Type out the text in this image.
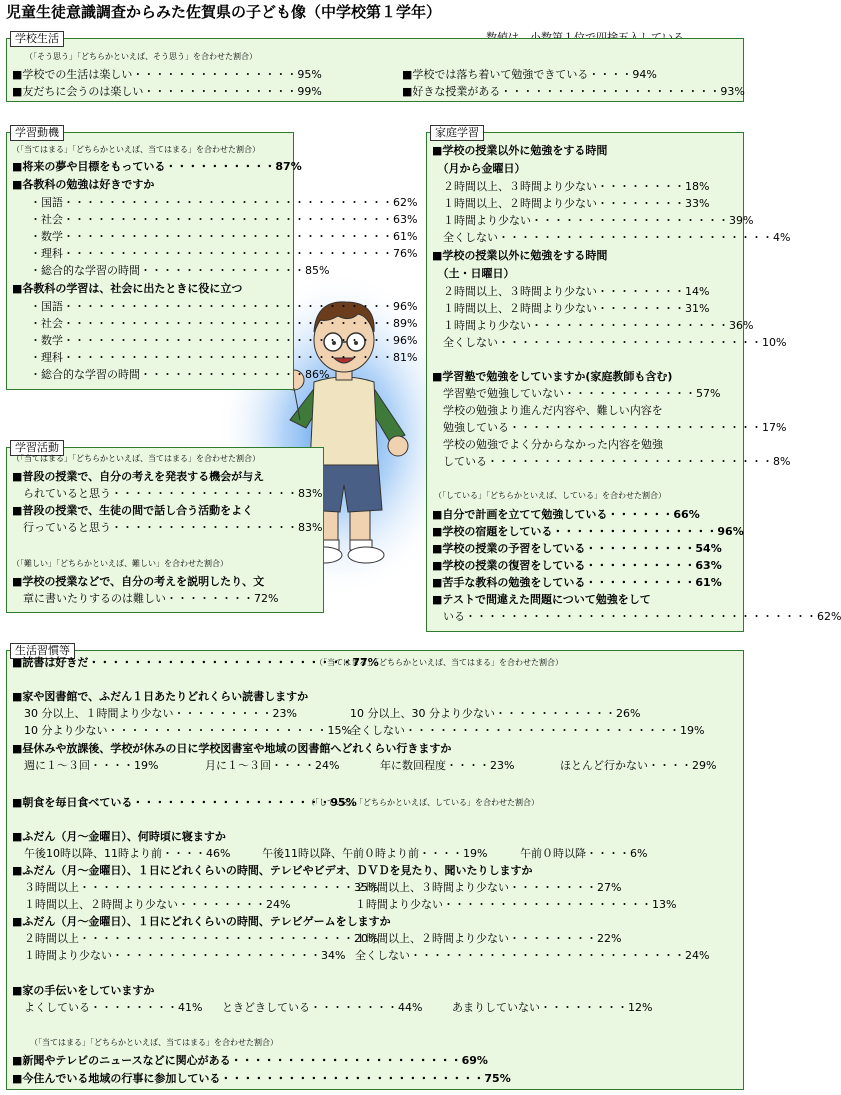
児童生徒意識調査からみた佐賀県の子ども像（中学校第１学年）
学校生活
（「そう思う」「どちらかといえば、そう思う」を合わせた割合）
■学校での生活は楽しい・・・・・・・・・・・・・・・95%
■友だちに会うのは楽しい・・・・・・・・・・・・・・99%
■学校では落ち着いて勉強できている・・・・94%
■好きな授業がある・・・・・・・・・・・・・・・・・・・・93%
学習動機
（「当てはまる」「どちらかといえば、当てはまる」を合わせた割合）
■将来の夢や目標をもっている・・・・・・・・・・87%
■各教科の勉強は好きですか
・国語・・・・・・・・・・・・・・・・・・・・・・・・・・・・・・62%
・社会・・・・・・・・・・・・・・・・・・・・・・・・・・・・・・63%
・数学・・・・・・・・・・・・・・・・・・・・・・・・・・・・・・61%
・理科・・・・・・・・・・・・・・・・・・・・・・・・・・・・・・76%
・総合的な学習の時間・・・・・・・・・・・・・・・85%
■各教科の学習は、社会に出たときに役に立つ
・国語・・・・・・・・・・・・・・・・・・・・・・・・・・・・・・96%
・社会・・・・・・・・・・・・・・・・・・・・・・・・・・・・・・89%
・数学・・・・・・・・・・・・・・・・・・・・・・・・・・・・・・96%
・理科・・・・・・・・・・・・・・・・・・・・・・・・・・・・・・81%
・総合的な学習の時間・・・・・・・・・・・・・・・86%
学習活動
（「当てはまる」「どちらかといえば、当てはまる」を合わせた割合）
■普段の授業で、自分の考えを発表する機会が与え
　られていると思う・・・・・・・・・・・・・・・・・83%
■普段の授業で、生徒の間で話し合う活動をよく
　行っていると思う・・・・・・・・・・・・・・・・・83%
（「難しい」「どちらかといえば、難しい」を合わせた割合）
■学校の授業などで、自分の考えを説明したり、文
　章に書いたりするのは難しい・・・・・・・・72%
家庭学習
■学校の授業以外に勉強をする時間
　（月から金曜日）
　２時間以上、３時間より少ない・・・・・・・・18%
　１時間以上、２時間より少ない・・・・・・・・33%
　１時間より少ない・・・・・・・・・・・・・・・・・・39%
　全くしない・・・・・・・・・・・・・・・・・・・・・・・・・4%
■学校の授業以外に勉強をする時間
　（土・日曜日）
　２時間以上、３時間より少ない・・・・・・・・14%
　１時間以上、２時間より少ない・・・・・・・・31%
　１時間より少ない・・・・・・・・・・・・・・・・・・36%
　全くしない・・・・・・・・・・・・・・・・・・・・・・・・10%
■学習塾で勉強をしていますか(家庭教師も含む)
　学習塾で勉強していない・・・・・・・・・・・・57%
　学校の勉強より進んだ内容や、難しい内容を
　勉強している・・・・・・・・・・・・・・・・・・・・・・・17%
　学校の勉強でよく分からなかった内容を勉強
　している・・・・・・・・・・・・・・・・・・・・・・・・・・8%
（「している」「どちらかといえば、している」を合わせた割合）
■自分で計画を立てて勉強している・・・・・・66%
■学校の宿題をしている・・・・・・・・・・・・・・・96%
■学校の授業の予習をしている・・・・・・・・・・54%
■学校の授業の復習をしている・・・・・・・・・・63%
■苦手な教科の勉強をしている・・・・・・・・・・61%
■テストで間違えた問題について勉強をして
　いる・・・・・・・・・・・・・・・・・・・・・・・・・・・・・・・・62%
生活習慣等
■読書は好きだ・・・・・・・・・・・・・・・・・・・・・・・・77%
（「当てはまる」「どちらかといえば、当てはまる」を合わせた割合）
■家や図書館で、ふだん１日あたりどれくらい読書しますか
30 分以上、１時間より少ない・・・・・・・・・23%	10 分以上、30 分より少ない・・・・・・・・・・・26%
10 分より少ない・・・・・・・・・・・・・・・・・・・・15%
全くしない・・・・・・・・・・・・・・・・・・・・・・・・・19%
■昼休みや放課後、学校が休みの日に学校図書室や地域の図書館へどれくらい行きますか
週に１〜３回・・・・19%	月に１〜３回・・・・24%	年に数回程度・・・・23%	ほとんど行かない・・・・29%
■朝食を毎日食べている・・・・・・・・・・・・・・・・・・95%
（「している」「どちらかといえば、している」を合わせた割合）
■ふだん（月〜金曜日）、何時頃に寝ますか
午後10時以降、11時より前・・・・46%	午後11時以降、午前０時より前・・・・19%	午前０時以降・・・・6%
■ふだん（月〜金曜日）、１日にどれくらいの時間、テレビやビデオ、ＤＶＤを見たり、聞いたりしますか
３時間以上・・・・・・・・・・・・・・・・・・・・・・・・・35%
２時間以上、３時間より少ない・・・・・・・・27%
１時間以上、２時間より少ない・・・・・・・・24%	１時間より少ない・・・・・・・・・・・・・・・・・・・13%
■ふだん（月〜金曜日）、１日にどれくらいの時間、テレビゲームをしますか
２時間以上・・・・・・・・・・・・・・・・・・・・・・・・・20%
１時間以上、２時間より少ない・・・・・・・・22%
１時間より少ない・・・・・・・・・・・・・・・・・・・34% 全くしない・・・・・・・・・・・・・・・・・・・・・・・・・24%
■家の手伝いをしていますか
よくしている・・・・・・・・41% ときどきしている・・・・・・・・44%	あまりしていない・・・・・・・・12%
（「当てはまる」「どちらかといえば、当てはまる」を合わせた割合）
■新聞やテレビのニュースなどに関心がある・・・・・・・・・・・・・・・・・・・・・69%
■今住んでいる地域の行事に参加している・・・・・・・・・・・・・・・・・・・・・・・・75%
